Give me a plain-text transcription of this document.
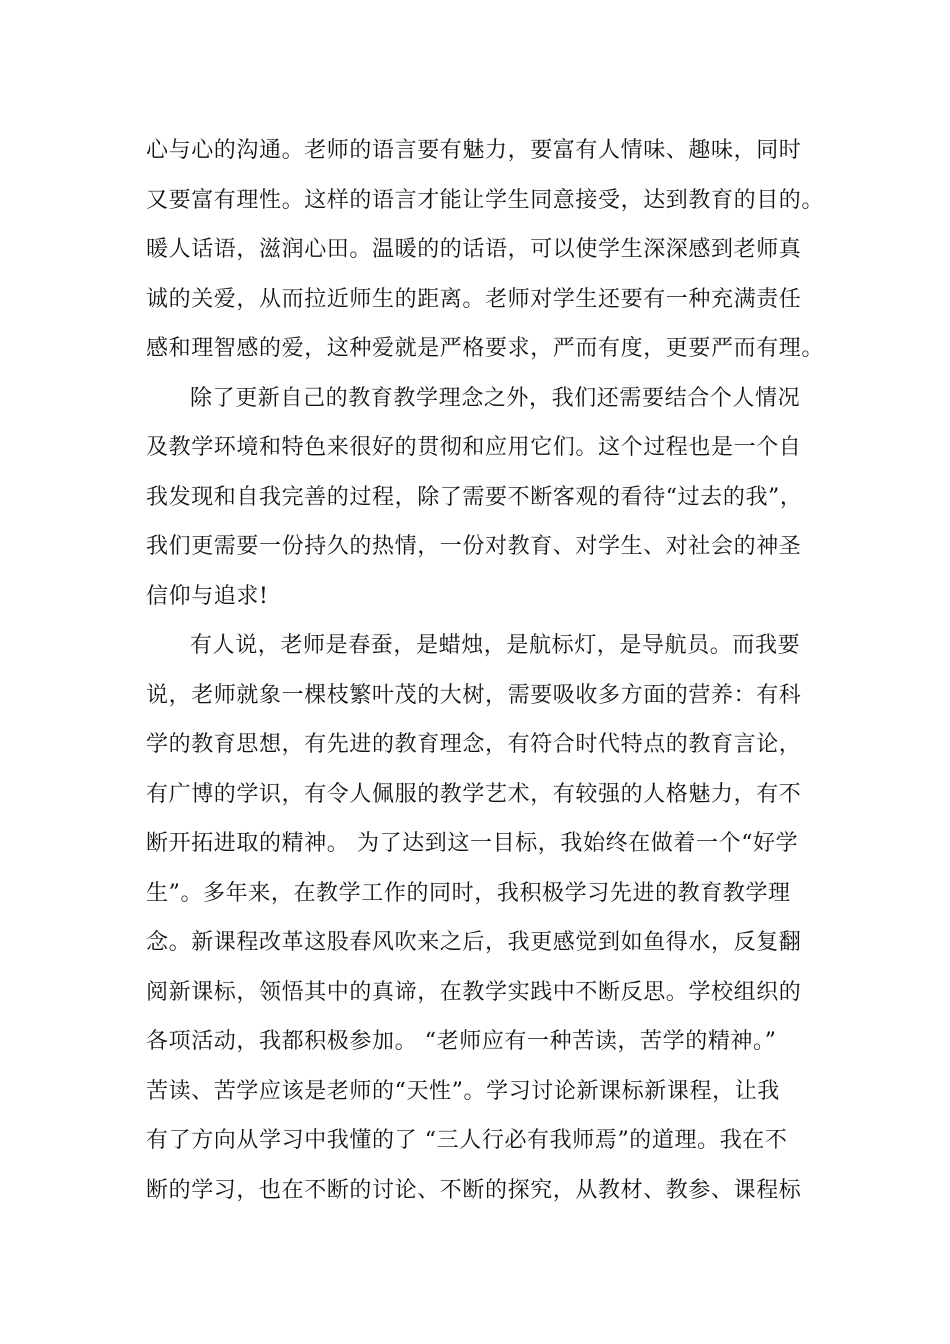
心与心的沟通。老师的语言要有魅力，要富有人情味、趣味，同时
又要富有理性。这样的语言才能让学生同意接受，达到教育的目的。
暖人话语，滋润心田。温暖的的话语，可以使学生深深感到老师真
诚的关爱，从而拉近师生的距离。老师对学生还要有一种充满责任
感和理智感的爱，这种爱就是严格要求，严而有度，更要严而有理。
除了更新自己的教育教学理念之外，我们还需要结合个人情况
及教学环境和特色来很好的贯彻和应用它们。这个过程也是一个自
我发现和自我完善的过程，除了需要不断客观的看待“过去的我”，
我们更需要一份持久的热情，一份对教育、对学生、对社会的神圣
信仰与追求!
有人说，老师是春蚕，是蜡烛，是航标灯，是导航员。而我要
说，老师就象一棵枝繁叶茂的大树，需要吸收多方面的营养：有科
学的教育思想，有先进的教育理念，有符合时代特点的教育言论，
有广博的学识，有令人佩服的教学艺术，有较强的人格魅力，有不
断开拓进取的精神。 为了达到这一目标，我始终在做着一个“好学
生”。多年来，在教学工作的同时，我积极学习先进的教育教学理
念。新课程改革这股春风吹来之后，我更感觉到如鱼得水，反复翻
阅新课标，领悟其中的真谛，在教学实践中不断反思。学校组织的
各项活动，我都积极参加。 “老师应有一种苦读，苦学的精神。”
苦读、苦学应该是老师的“天性”。学习讨论新课标新课程，让我
有了方向从学习中我懂的了 “三人行必有我师焉”的道理。我在不
断的学习，也在不断的讨论、不断的探究，从教材、教参、课程标
